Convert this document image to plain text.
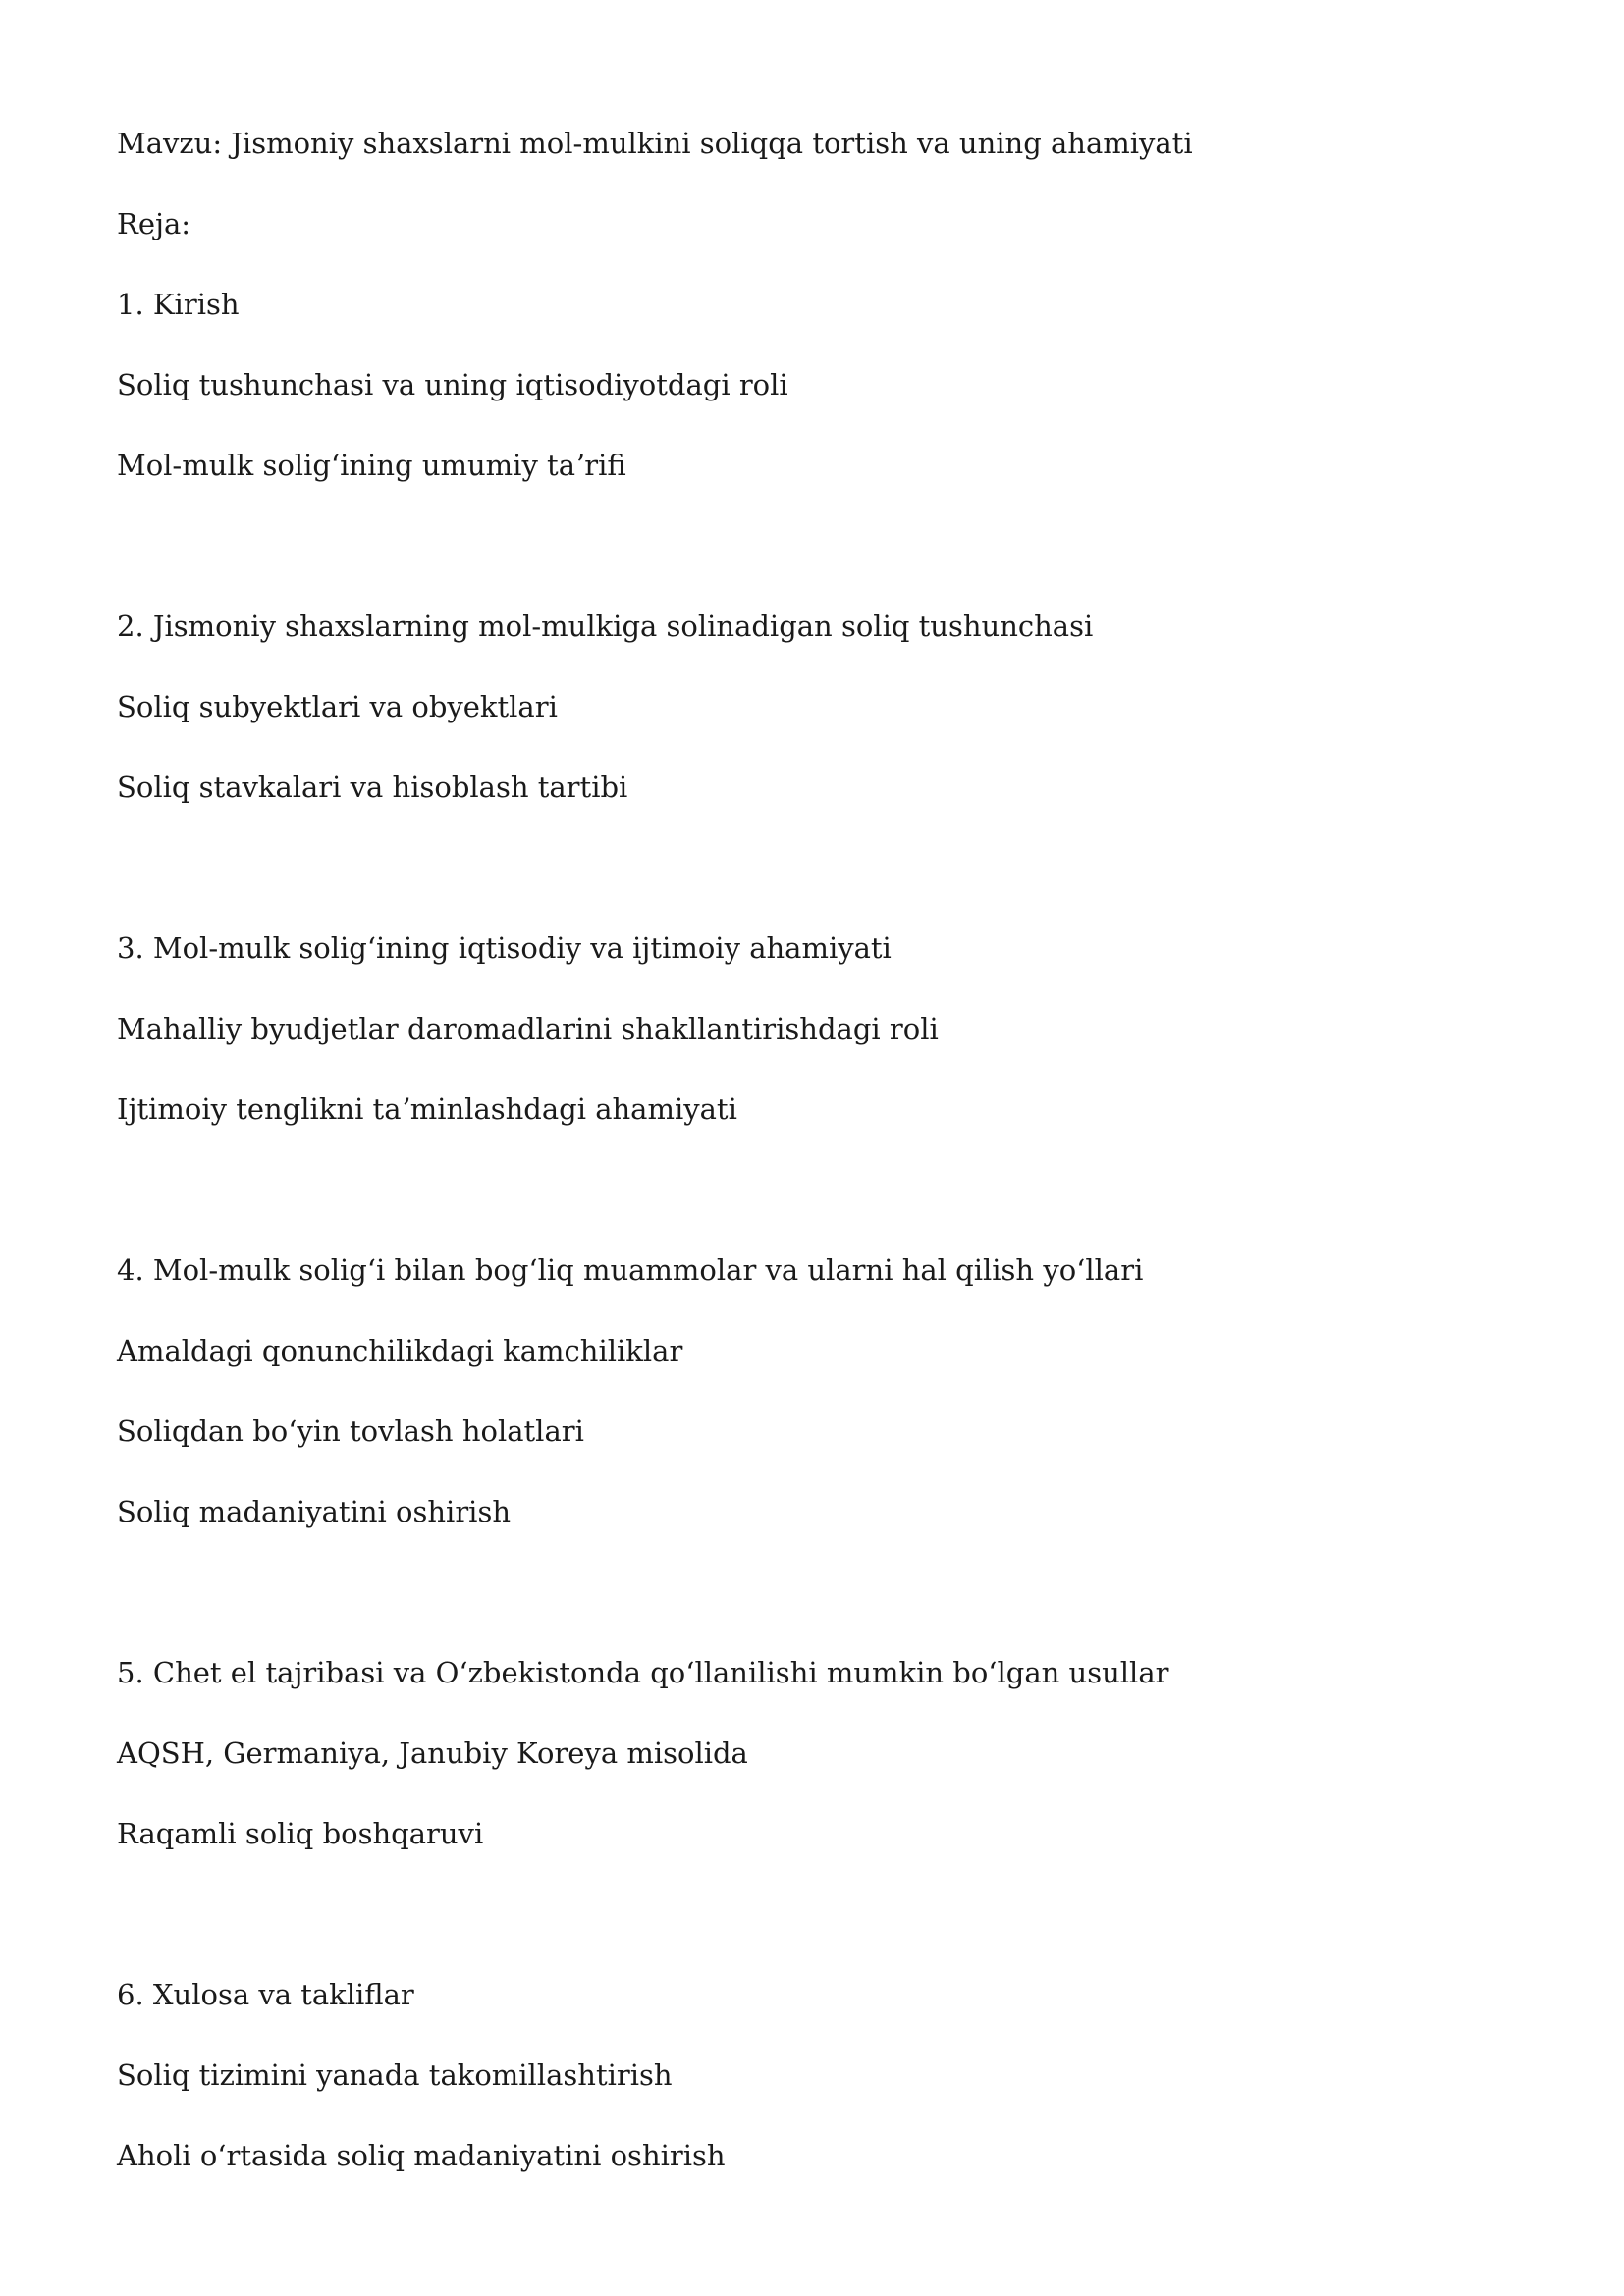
Mavzu: Jismoniy shaxslarni mol-mulkini soliqqa tortish va uning ahamiyati

Reja:

1. Kirish

Soliq tushunchasi va uning iqtisodiyotdagi roli

Mol-mulk soligʻining umumiy taʼrifi

2. Jismoniy shaxslarning mol-mulkiga solinadigan soliq tushunchasi

Soliq subyektlari va obyektlari

Soliq stavkalari va hisoblash tartibi

3. Mol-mulk soligʻining iqtisodiy va ijtimoiy ahamiyati

Mahalliy byudjetlar daromadlarini shakllantirishdagi roli

Ijtimoiy tenglikni taʼminlashdagi ahamiyati

4. Mol-mulk soligʻi bilan bogʻliq muammolar va ularni hal qilish yoʻllari

Amaldagi qonunchilikdagi kamchiliklar

Soliqdan boʻyin tovlash holatlari

Soliq madaniyatini oshirish

5. Chet el tajribasi va Oʻzbekistonda qoʻllanilishi mumkin boʻlgan usullar

AQSH, Germaniya, Janubiy Koreya misolida

Raqamli soliq boshqaruvi

6. Xulosa va takliflar

Soliq tizimini yanada takomillashtirish

Aholi oʻrtasida soliq madaniyatini oshirish
